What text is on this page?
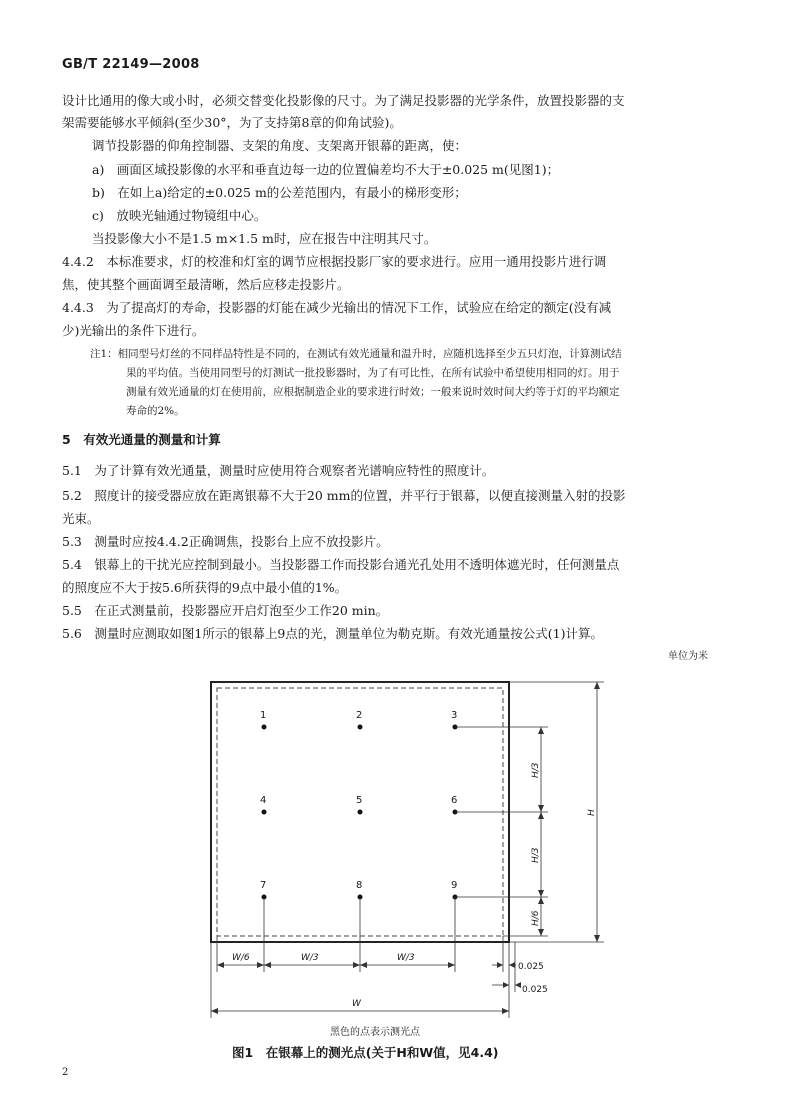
GB/T 22149—2008
设计比通用的像大或小时，必须交替变化投影像的尺寸。为了满足投影器的光学条件，放置投影器的支
架需要能够水平倾斜(至少30°，为了支持第8章的仰角试验)。
调节投影器的仰角控制器、支架的角度、支架离开银幕的距离，使：
a)　画面区域投影像的水平和垂直边每一边的位置偏差均不大于±0.025 m(见图1)；
b)　在如上a)给定的±0.025 m的公差范围内，有最小的梯形变形；
c)　放映光轴通过物镜组中心。
当投影像大小不是1.5 m×1.5 m时，应在报告中注明其尺寸。
4.4.2　本标准要求，灯的校准和灯室的调节应根据投影厂家的要求进行。应用一通用投影片进行调
焦，使其整个画面调至最清晰，然后应移走投影片。
4.4.3　为了提高灯的寿命，投影器的灯能在减少光输出的情况下工作，试验应在给定的额定(没有减
少)光输出的条件下进行。
注1：相同型号灯丝的不同样品特性是不同的，在测试有效光通量和温升时，应随机选择至少五只灯泡，计算测试结
果的平均值。当使用同型号的灯测试一批投影器时，为了有可比性，在所有试验中希望使用相同的灯。用于
测量有效光通量的灯在使用前，应根据制造企业的要求进行时效；一般来说时效时间大约等于灯的平均额定
寿命的2%。
5　有效光通量的测量和计算
5.1　为了计算有效光通量，测量时应使用符合观察者光谱响应特性的照度计。
5.2　照度计的接受器应放在距离银幕不大于20 mm的位置，并平行于银幕，以便直接测量入射的投影
光束。
5.3　测量时应按4.4.2正确调焦，投影台上应不放投影片。
5.4　银幕上的干扰光应控制到最小。当投影器工作而投影台通光孔处用不透明体遮光时，任何测量点
的照度应不大于按5.6所获得的9点中最小值的1%。
5.5　在正式测量前，投影器应开启灯泡至少工作20 min。
5.6　测量时应测取如图1所示的银幕上9点的光，测量单位为勒克斯。有效光通量按公式(1)计算。
单位为米
1	2	3
4	5	6
7	8	9
W/6	W/3	W/3
W
0.025
0.025
H/3
H/3
H/6
H
黑色的点表示测光点
图1　在银幕上的测光点(关于H和W值，见4.4)
2
